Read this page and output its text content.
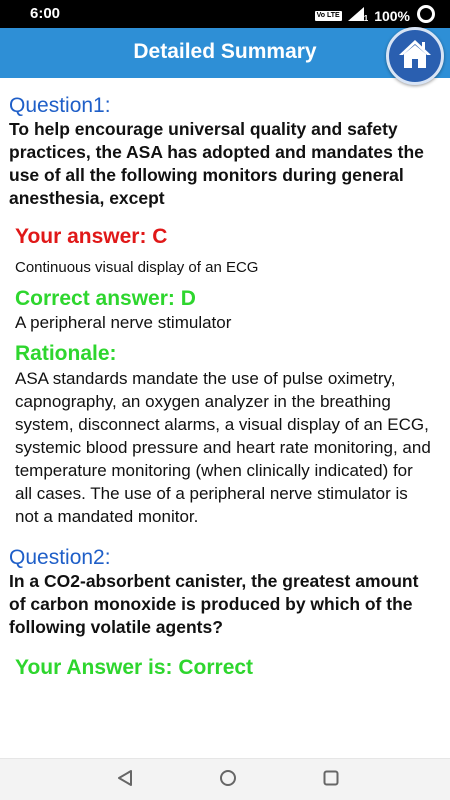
6:00	Vo LTE	1 100%
Detailed Summary
Question1:
To help encourage universal quality and safety practices, the ASA has adopted and mandates the use of all the following monitors during general anesthesia, except
Your answer: C
Continuous visual display of an ECG
Correct answer: D
A peripheral nerve stimulator
Rationale:
ASA standards mandate the use of pulse oximetry, capnography, an oxygen analyzer in the breathing system, disconnect alarms, a visual display of an ECG, systemic blood pressure and heart rate monitoring, and temperature monitoring (when clinically indicated) for all cases. The use of a peripheral nerve stimulator is not a mandated monitor.
Question2:
In a CO2-absorbent canister, the greatest amount of carbon monoxide is produced by which of the following volatile agents?
Your Answer is: Correct
